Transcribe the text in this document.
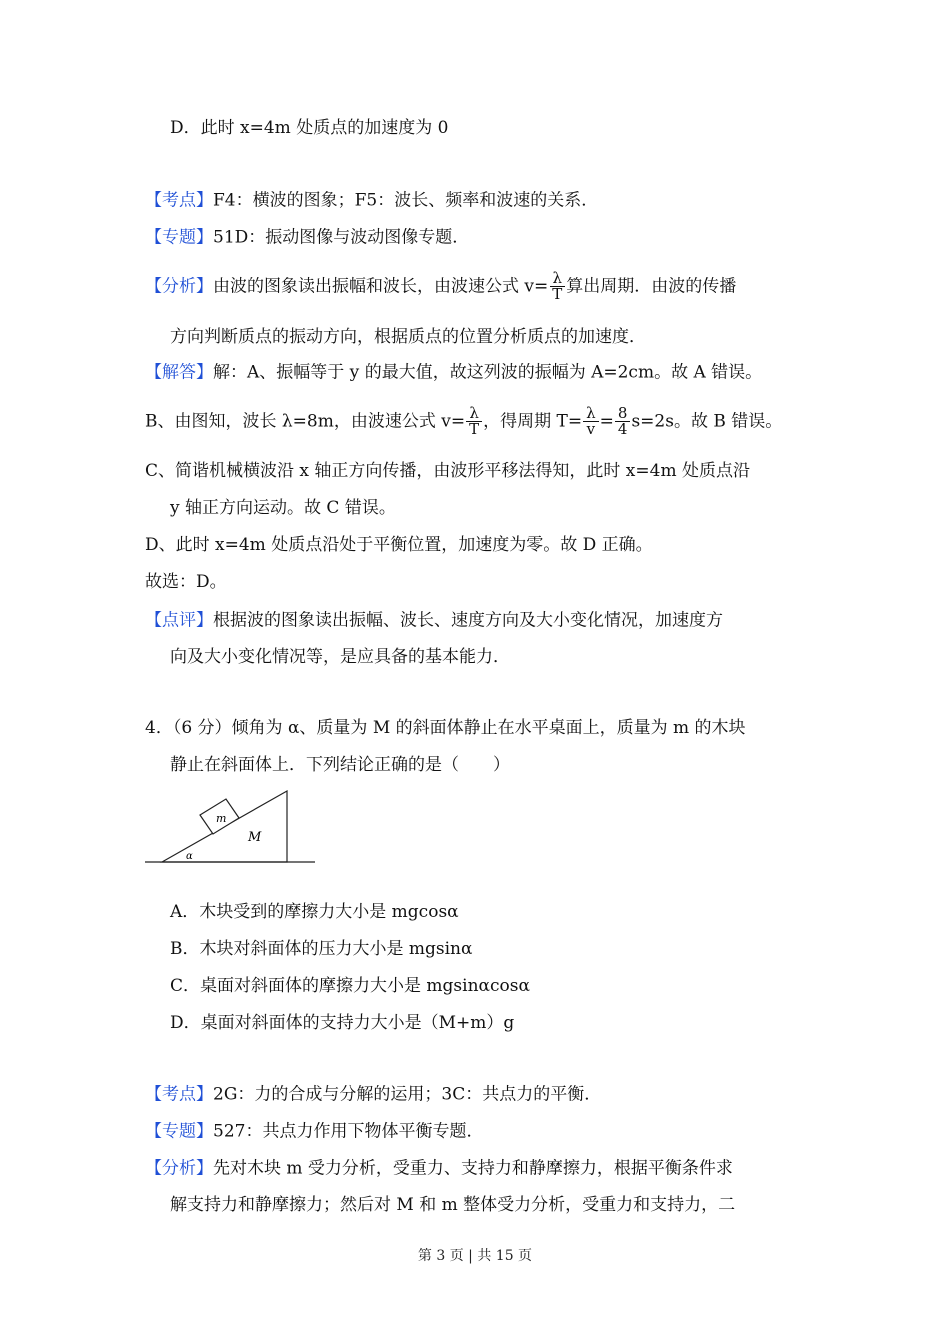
D．此时 x=4m 处质点的加速度为 0
【考点】F4：横波的图象；F5：波长、频率和波速的关系．
【专题】51D：振动图像与波动图像专题．
【分析】由波的图象读出振幅和波长，由波速公式 $v= \frac{\lambda}{T}$ 算出周期．由波的传播
方向判断质点的振动方向，根据质点的位置分析质点的加速度．
【解答】解：A、振幅等于 y 的最大值，故这列波的振幅为 A=2cm。故 A 错误。
B、由图知，波长 λ=8m，由波速公式 $v= \frac{\lambda}{T}$ ，得周期 $T= \frac{\lambda}{v} = \frac{8}{4} s=2s$。故 B 错误。
C、简谐机械横波沿 x 轴正方向传播，由波形平移法得知，此时 x=4m 处质点沿
y 轴正方向运动。故 C 错误。
D、此时 x=4m 处质点沿处于平衡位置，加速度为零。故 D 正确。
故选：D。
【点评】根据波的图象读出振幅、波长、速度方向及大小变化情况，加速度方
向及大小变化情况等，是应具备的基本能力．
4．（6 分）倾角为 α、质量为 M 的斜面体静止在水平桌面上，质量为 m 的木块
静止在斜面体上．下列结论正确的是（　　）
m
M
α
A．木块受到的摩擦力大小是 mgcosα
B．木块对斜面体的压力大小是 mgsinα
C．桌面对斜面体的摩擦力大小是 mgsinαcosα
D．桌面对斜面体的支持力大小是（M+m）g
【考点】2G：力的合成与分解的运用；3C：共点力的平衡．
【专题】527：共点力作用下物体平衡专题．
【分析】先对木块 m 受力分析，受重力、支持力和静摩擦力，根据平衡条件求
解支持力和静摩擦力；然后对 M 和 m 整体受力分析，受重力和支持力，二
第 3 页 | 共 15 页
